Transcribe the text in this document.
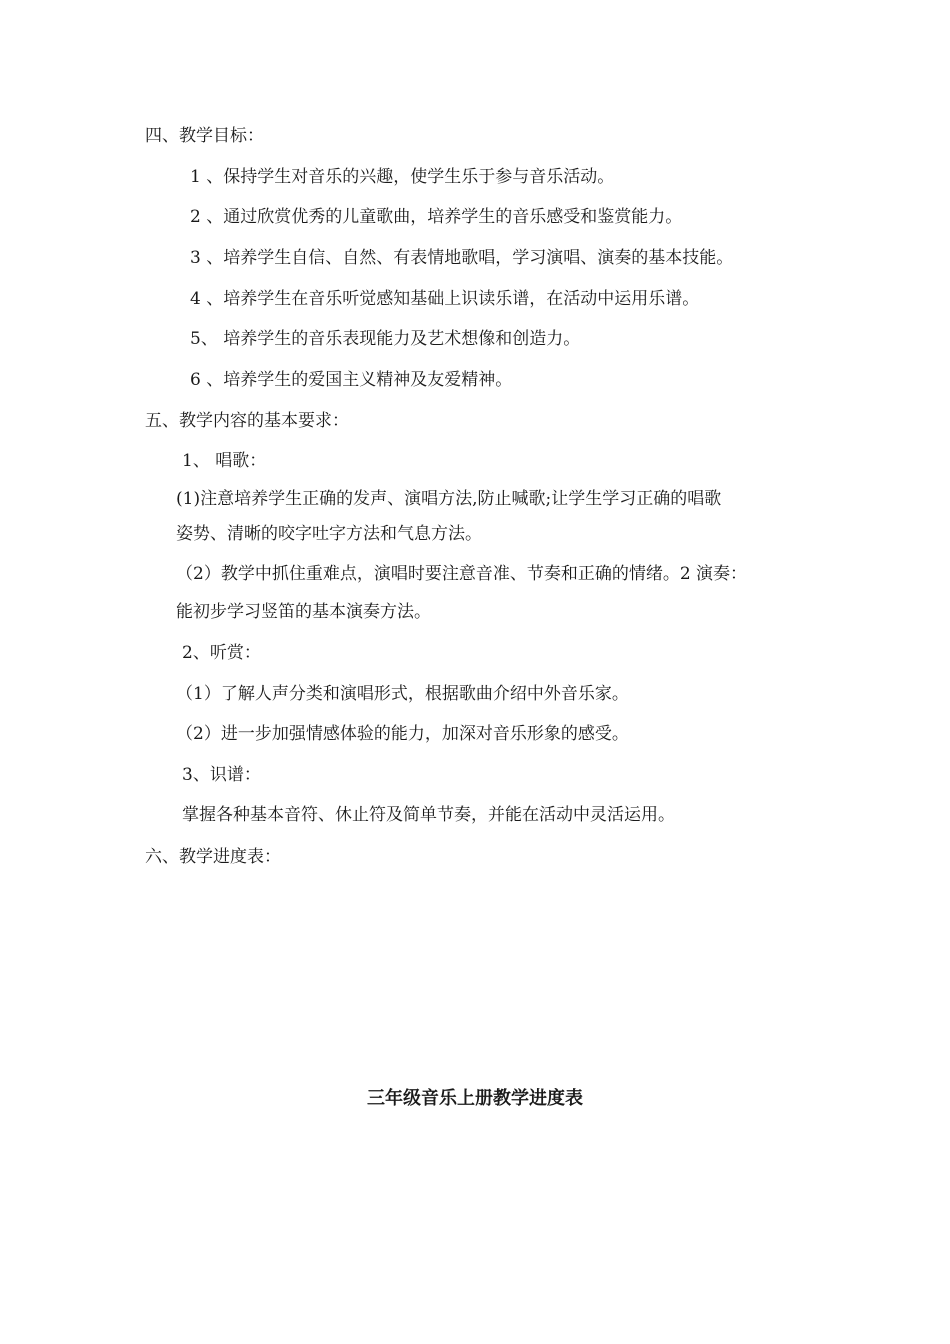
四、教学目标：
1 、保持学生对音乐的兴趣，使学生乐于参与音乐活动。
2 、通过欣赏优秀的儿童歌曲，培养学生的音乐感受和鉴赏能力。
3 、培养学生自信、自然、有表情地歌唱，学习演唱、演奏的基本技能。
4 、培养学生在音乐听觉感知基础上识读乐谱，在活动中运用乐谱。
5、 培养学生的音乐表现能力及艺术想像和创造力。
6 、培养学生的爱国主义精神及友爱精神。
五、教学内容的基本要求：
1、 唱歌：
(1)注意培养学生正确的发声、演唱方法,防止喊歌;让学生学习正确的唱歌
姿势、清晰的咬字吐字方法和气息方法。
（2）教学中抓住重难点，演唱时要注意音准、节奏和正确的情绪。2 演奏：
能初步学习竖笛的基本演奏方法。
2、听赏：
（1）了解人声分类和演唱形式，根据歌曲介绍中外音乐家。
（2）进一步加强情感体验的能力，加深对音乐形象的感受。
3、识谱：
掌握各种基本音符、休止符及简单节奏，并能在活动中灵活运用。
六、教学进度表：
三年级音乐上册教学进度表
